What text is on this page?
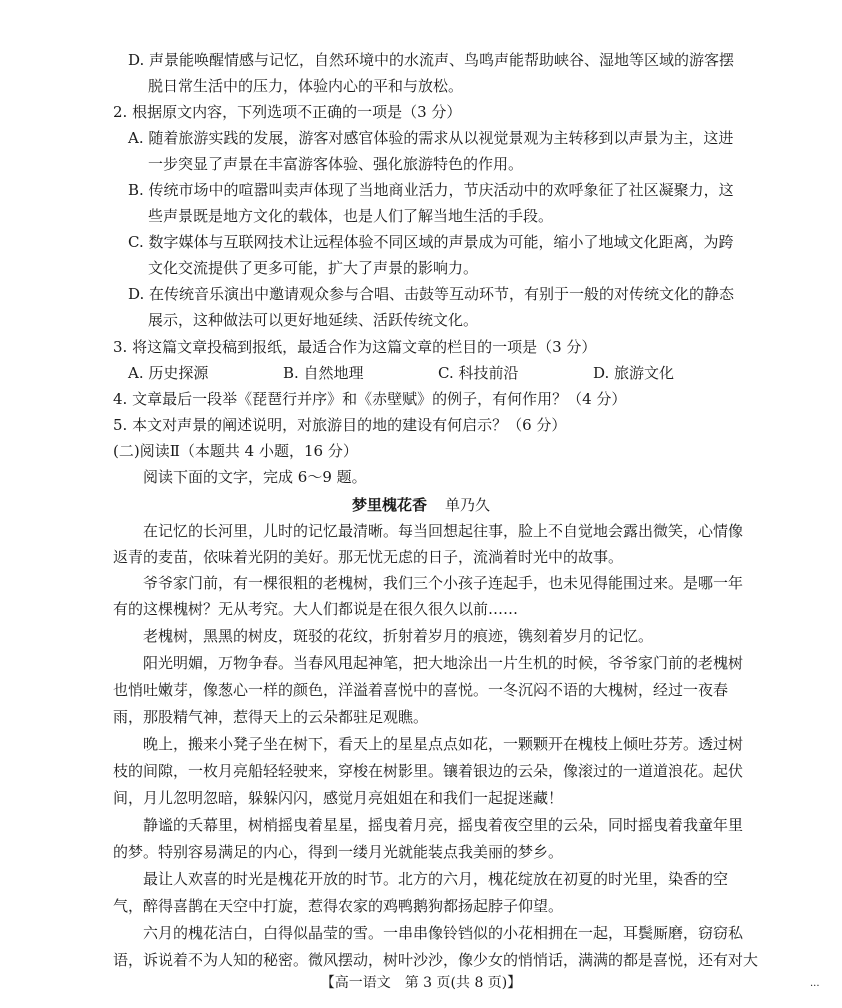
D. 声景能唤醒情感与记忆，自然环境中的水流声、鸟鸣声能帮助峡谷、湿地等区域的游客摆
脱日常生活中的压力，体验内心的平和与放松。
2. 根据原文内容，下列选项不正确的一项是（3 分）
A. 随着旅游实践的发展，游客对感官体验的需求从以视觉景观为主转移到以声景为主，这进
一步突显了声景在丰富游客体验、强化旅游特色的作用。
B. 传统市场中的喧嚣叫卖声体现了当地商业活力，节庆活动中的欢呼象征了社区凝聚力，这
些声景既是地方文化的载体，也是人们了解当地生活的手段。
C. 数字媒体与互联网技术让远程体验不同区域的声景成为可能，缩小了地域文化距离，为跨
文化交流提供了更多可能，扩大了声景的影响力。
D. 在传统音乐演出中邀请观众参与合唱、击鼓等互动环节，有别于一般的对传统文化的静态
展示，这种做法可以更好地延续、活跃传统文化。
3. 将这篇文章投稿到报纸，最适合作为这篇文章的栏目的一项是（3 分）
A. 历史探源	B. 自然地理	C. 科技前沿	D. 旅游文化
4. 文章最后一段举《琵琶行并序》和《赤壁赋》的例子，有何作用？（4 分）
5. 本文对声景的阐述说明，对旅游目的地的建设有何启示？（6 分）
(二)阅读Ⅱ（本题共 4 小题，16 分）
阅读下面的文字，完成 6～9 题。
梦里槐花香 单乃久
在记忆的长河里，儿时的记忆最清晰。每当回想起往事，脸上不自觉地会露出微笑，心情像
返青的麦苗，依味着光阴的美好。那无忧无虑的日子，流淌着时光中的故事。
爷爷家门前，有一棵很粗的老槐树，我们三个小孩子连起手，也未见得能围过来。是哪一年
有的这棵槐树？无从考究。大人们都说是在很久很久以前……
老槐树，黑黑的树皮，斑驳的花纹，折射着岁月的痕迹，镌刻着岁月的记忆。
阳光明媚，万物争春。当春风甩起神笔，把大地涂出一片生机的时候，爷爷家门前的老槐树
也悄吐嫩芽，像葱心一样的颜色，洋溢着喜悦中的喜悦。一冬沉闷不语的大槐树，经过一夜春
雨，那股精气神，惹得天上的云朵都驻足观瞧。
晚上，搬来小凳子坐在树下，看天上的星星点点如花，一颗颗开在槐枝上倾吐芬芳。透过树
枝的间隙，一枚月亮船轻轻驶来，穿梭在树影里。镶着银边的云朵，像滚过的一道道浪花。起伏
间，月儿忽明忽暗，躲躲闪闪，感觉月亮姐姐在和我们一起捉迷藏！
静谧的夭幕里，树梢摇曳着星星，摇曳着月亮，摇曳着夜空里的云朵，同时摇曳着我童年里
的梦。特别容易满足的内心，得到一缕月光就能装点我美丽的梦乡。
最让人欢喜的时光是槐花开放的时节。北方的六月，槐花绽放在初夏的时光里，染香的空
气，醉得喜鹊在天空中打旋，惹得农家的鸡鸭鹅狗都扬起脖子仰望。
六月的槐花洁白，白得似晶莹的雪。一串串像铃铛似的小花相拥在一起，耳鬓厮磨，窃窃私
语，诉说着不为人知的秘密。微风摆动，树叶沙沙，像少女的悄悄话，满满的都是喜悦，还有对大
【高一语文　第 3 页(共 8 页)】	...
